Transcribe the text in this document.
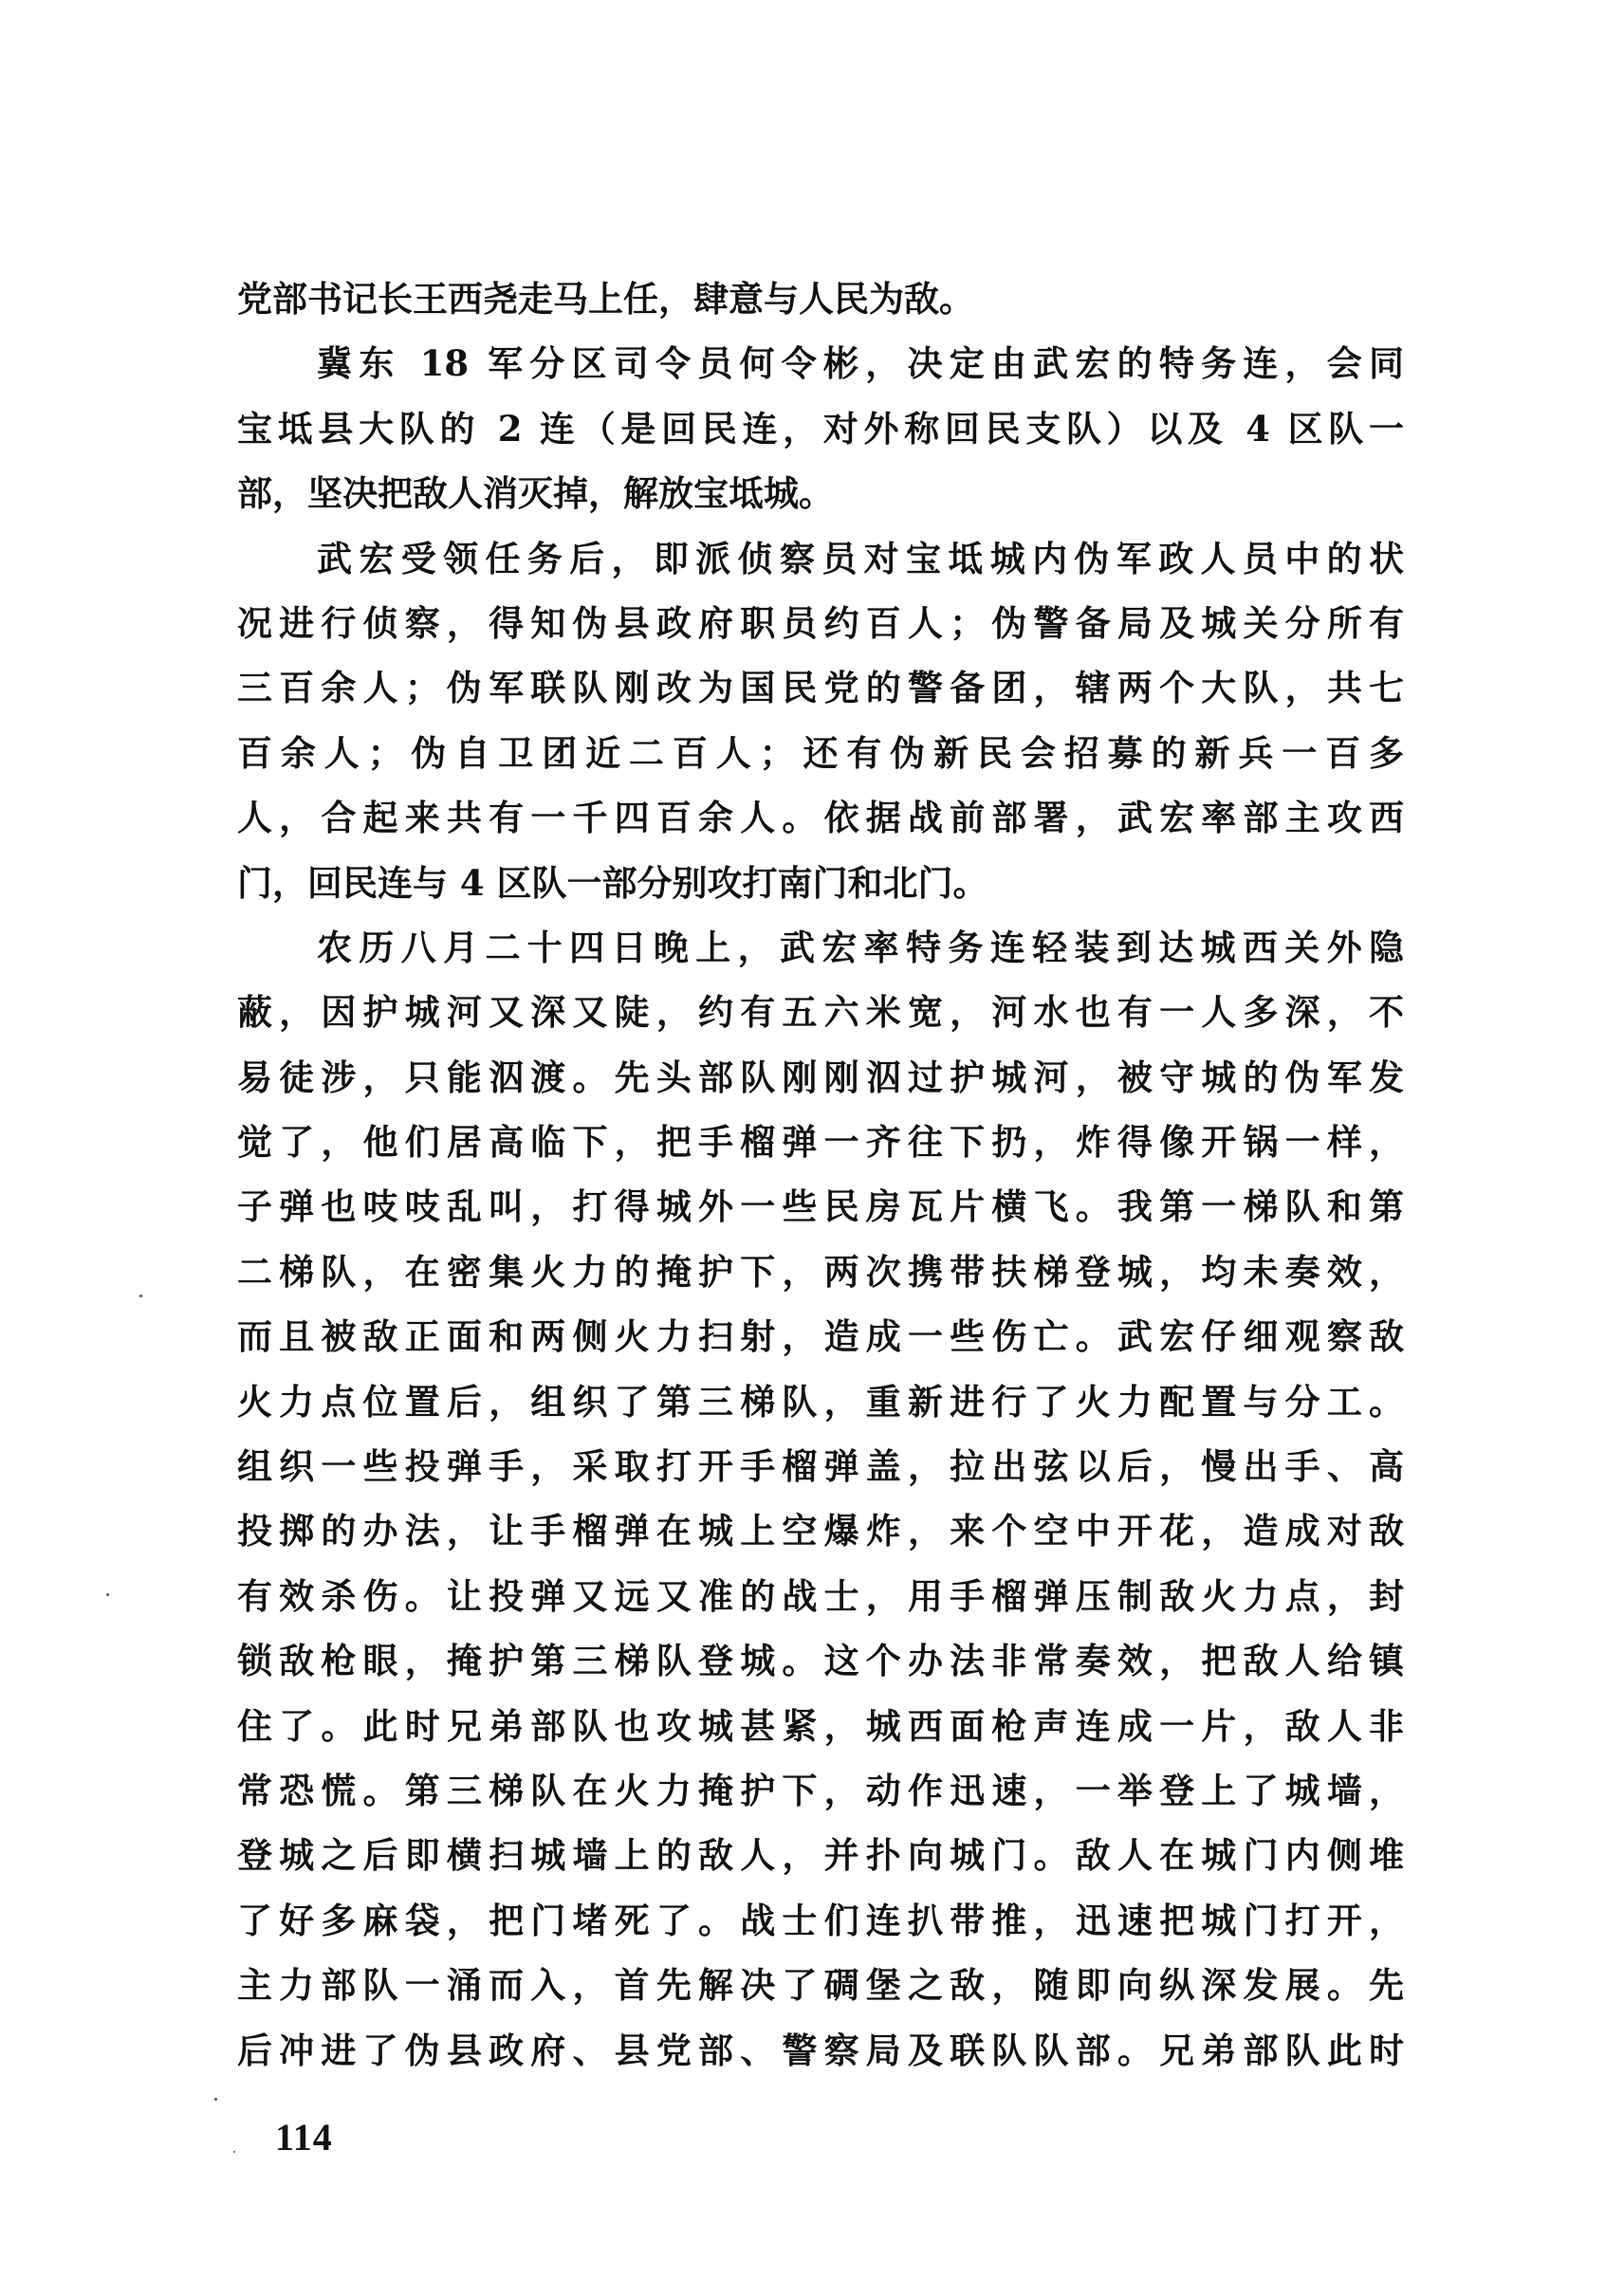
党部书记长王西尧走马上任，肆意与人民为敌。
冀东 18 军分区司令员何令彬，决定由武宏的特务连，会同
宝坻县大队的 2 连（是回民连，对外称回民支队）以及 4 区队一
部，坚决把敌人消灭掉，解放宝坻城。
武宏受领任务后，即派侦察员对宝坻城内伪军政人员中的状
况进行侦察，得知伪县政府职员约百人；伪警备局及城关分所有
三百余人；伪军联队刚改为国民党的警备团，辖两个大队，共七
百余人；伪自卫团近二百人；还有伪新民会招募的新兵一百多
人，合起来共有一千四百余人。依据战前部署，武宏率部主攻西
门，回民连与 4 区队一部分别攻打南门和北门。
农历八月二十四日晚上，武宏率特务连轻装到达城西关外隐
蔽，因护城河又深又陡，约有五六米宽，河水也有一人多深，不
易徒涉，只能泅渡。先头部队刚刚泅过护城河，被守城的伪军发
觉了，他们居高临下，把手榴弹一齐往下扔，炸得像开锅一样，
子弹也吱吱乱叫，打得城外一些民房瓦片横飞。我第一梯队和第
二梯队，在密集火力的掩护下，两次携带扶梯登城，均未奏效，
而且被敌正面和两侧火力扫射，造成一些伤亡。武宏仔细观察敌
火力点位置后，组织了第三梯队，重新进行了火力配置与分工。
组织一些投弹手，采取打开手榴弹盖，拉出弦以后，慢出手、高
投掷的办法，让手榴弹在城上空爆炸，来个空中开花，造成对敌
有效杀伤。让投弹又远又准的战士，用手榴弹压制敌火力点，封
锁敌枪眼，掩护第三梯队登城。这个办法非常奏效，把敌人给镇
住了。此时兄弟部队也攻城甚紧，城西面枪声连成一片，敌人非
常恐慌。第三梯队在火力掩护下，动作迅速，一举登上了城墙，
登城之后即横扫城墙上的敌人，并扑向城门。敌人在城门内侧堆
了好多麻袋，把门堵死了。战士们连扒带推，迅速把城门打开，
主力部队一涌而入，首先解决了碉堡之敌，随即向纵深发展。先
后冲进了伪县政府、县党部、警察局及联队队部。兄弟部队此时
114
